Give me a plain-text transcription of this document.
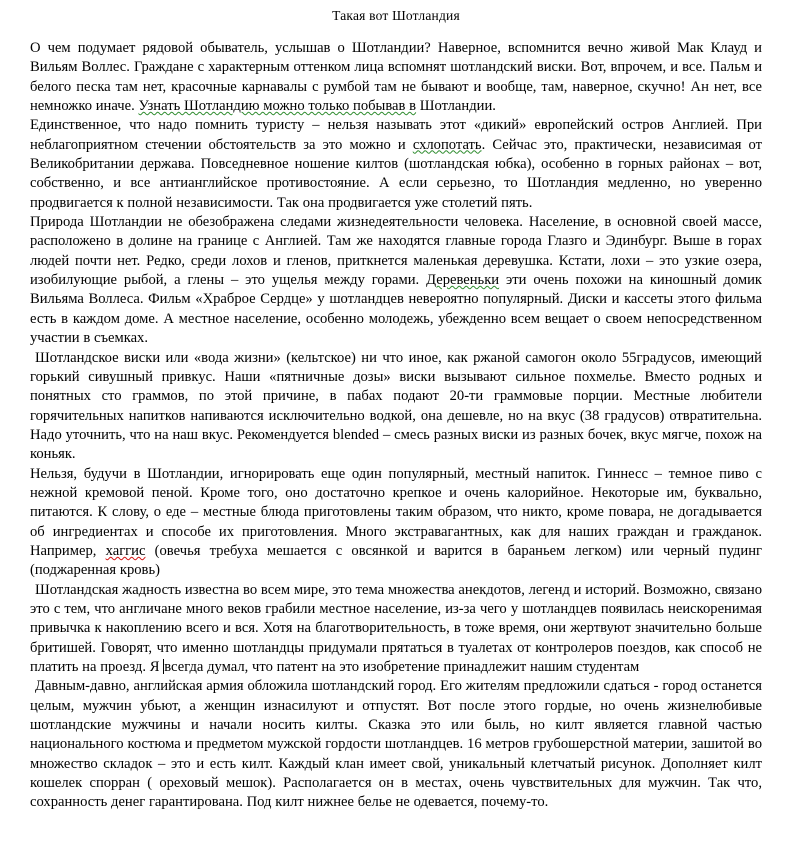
Такая вот Шотландия

О чем подумает рядовой обыватель, услышав о Шотландии? Наверное, вспомнится вечно живой Мак Клауд и Вильям Воллес. Граждане с характерным оттенком лица вспомнят шотландский виски. Вот, впрочем, и все. Пальм и белого песка там нет, красочные карнавалы с румбой там не бывают и вообще, там, наверное, скучно! Ан нет, все немножко иначе. Узнать Шотландию можно только побывав в Шотландии.

Единственное, что надо помнить туристу – нельзя называть этот «дикий» европейский остров Англией. При неблагоприятном стечении обстоятельств за это можно и схлопотать. Сейчас это, практически, независимая от Великобритании держава. Повседневное ношение килтов (шотландская юбка), особенно в горных районах – вот, собственно, и все антианглийское противостояние. А если серьезно, то Шотландия медленно, но уверенно продвигается к полной независимости. Так она продвигается уже столетий пять.

Природа Шотландии не обезображена следами жизнедеятельности человека. Население, в основной своей массе, расположено в долине на границе с Англией. Там же находятся главные города Глазго и Эдинбург. Выше в горах людей почти нет. Редко, среди лохов и гленов, приткнется маленькая деревушка. Кстати, лохи – это узкие озера, изобилующие рыбой, а глены – это ущелья между горами. Деревеньки эти очень похожи на киношный домик Вильяма Воллеса. Фильм «Храброе Сердце» у шотландцев невероятно популярный. Диски и кассеты этого фильма есть в каждом доме. А местное население, особенно молодежь, убежденно всем вещает о своем непосредственном участии в съемках.

Шотландское виски или «вода жизни» (кельтское) ни что иное, как ржаной самогон около 55градусов, имеющий горький сивушный привкус. Наши «пятничные дозы» виски вызывают сильное похмелье. Вместо родных и понятных сто граммов, по этой причине, в пабах подают 20-ти граммовые порции. Местные любители горячительных напитков напиваются исключительно водкой, она дешевле, но на вкус (38 градусов) отвратительна. Надо уточнить, что на наш вкус. Рекомендуется blended – смесь разных виски из разных бочек, вкус мягче, похож на коньяк.

Нельзя, будучи в Шотландии, игнорировать еще один популярный, местный напиток. Гиннесс – темное пиво с нежной кремовой пеной. Кроме того, оно достаточно крепкое и очень калорийное. Некоторые им, буквально, питаются. К слову, о еде – местные блюда приготовлены таким образом, что никто, кроме повара, не догадывается об ингредиентах и способе их приготовления. Много экстравагантных, как для наших граждан и гражданок. Например, хаггис (овечья требуха мешается с овсянкой и варится в бараньем легком) или черный пудинг (поджаренная кровь)

Шотландская жадность известна во всем мире, это тема множества анекдотов, легенд и историй. Возможно, связано это с тем, что англичане много веков грабили местное население, из-за чего у шотландцев появилась неискоренимая привычка к накоплению всего и вся. Хотя на благотворительность, в тоже время, они жертвуют значительно больше бритишей. Говорят, что именно шотландцы придумали прятаться в туалетах от контролеров поездов, как способ не платить на проезд. Я всегда думал, что патент на это изобретение принадлежит нашим студентам

Давным-давно, английская армия обложила шотландский город. Его жителям предложили сдаться - город останется целым, мужчин убьют, а женщин изнасилуют и отпустят. Вот после этого гордые, но очень жизнелюбивые шотландские мужчины и начали носить килты. Сказка это или быль, но килт является главной частью национального костюма и предметом мужской гордости шотландцев. 16 метров грубошерстной материи, зашитой во множество складок – это и есть килт. Каждый клан имеет свой, уникальный клетчатый рисунок. Дополняет килт кошелек спорран ( ореховый мешок). Располагается он в местах, очень чувствительных для мужчин. Так что, сохранность денег гарантирована. Под килт нижнее белье не одевается, почему-то.
